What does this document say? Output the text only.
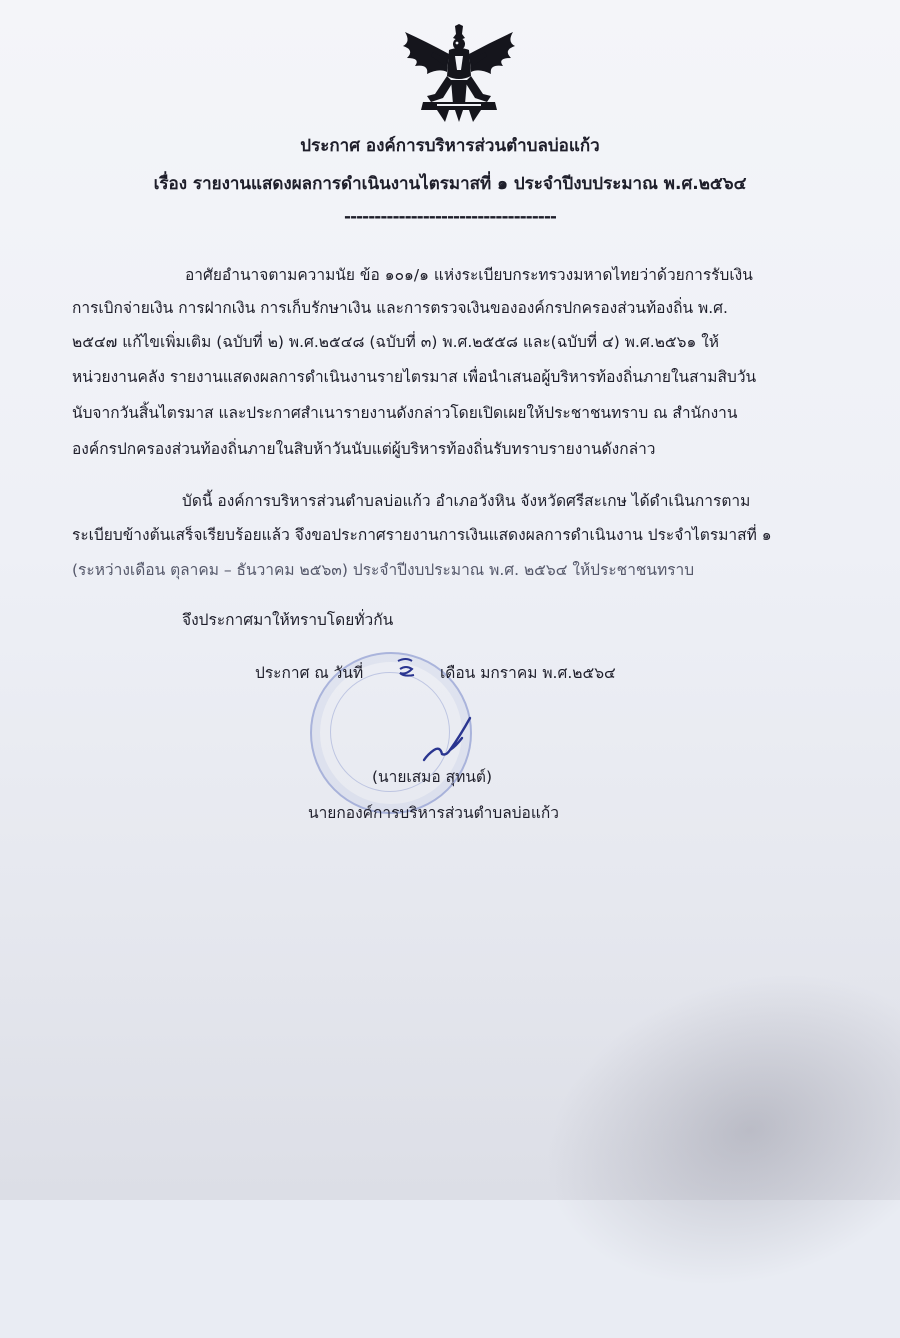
ประกาศ องค์การบริหารส่วนตำบลบ่อแก้ว
เรื่อง รายงานแสดงผลการดำเนินงานไตรมาสที่ ๑ ประจำปีงบประมาณ พ.ศ.๒๕๖๔
-----------------------------------
อาศัยอำนาจตามความนัย ข้อ ๑๐๑/๑ แห่งระเบียบกระทรวงมหาดไทยว่าด้วยการรับเงิน
การเบิกจ่ายเงิน การฝากเงิน การเก็บรักษาเงิน และการตรวจเงินขององค์กรปกครองส่วนท้องถิ่น พ.ศ.
๒๕๔๗ แก้ไขเพิ่มเติม (ฉบับที่ ๒) พ.ศ.๒๕๔๘ (ฉบับที่ ๓) พ.ศ.๒๕๕๘ และ(ฉบับที่ ๔) พ.ศ.๒๕๖๑ ให้
หน่วยงานคลัง รายงานแสดงผลการดำเนินงานรายไตรมาส เพื่อนำเสนอผู้บริหารท้องถิ่นภายในสามสิบวัน
นับจากวันสิ้นไตรมาส และประกาศสำเนารายงานดังกล่าวโดยเปิดเผยให้ประชาชนทราบ ณ สำนักงาน
องค์กรปกครองส่วนท้องถิ่นภายในสิบห้าวันนับแต่ผู้บริหารท้องถิ่นรับทราบรายงานดังกล่าว
บัดนี้ องค์การบริหารส่วนตำบลบ่อแก้ว อำเภอวังหิน จังหวัดศรีสะเกษ ได้ดำเนินการตาม
ระเบียบข้างต้นเสร็จเรียบร้อยแล้ว จึงขอประกาศรายงานการเงินแสดงผลการดำเนินงาน ประจำไตรมาสที่ ๑
(ระหว่างเดือน ตุลาคม – ธันวาคม ๒๕๖๓) ประจำปีงบประมาณ พ.ศ. ๒๕๖๔ ให้ประชาชนทราบ
จึงประกาศมาให้ทราบโดยทั่วกัน
ประกาศ ณ วันที่	เดือน มกราคม พ.ศ.๒๕๖๔
(นายเสมอ สุทนต์)
นายกองค์การบริหารส่วนตำบลบ่อแก้ว
